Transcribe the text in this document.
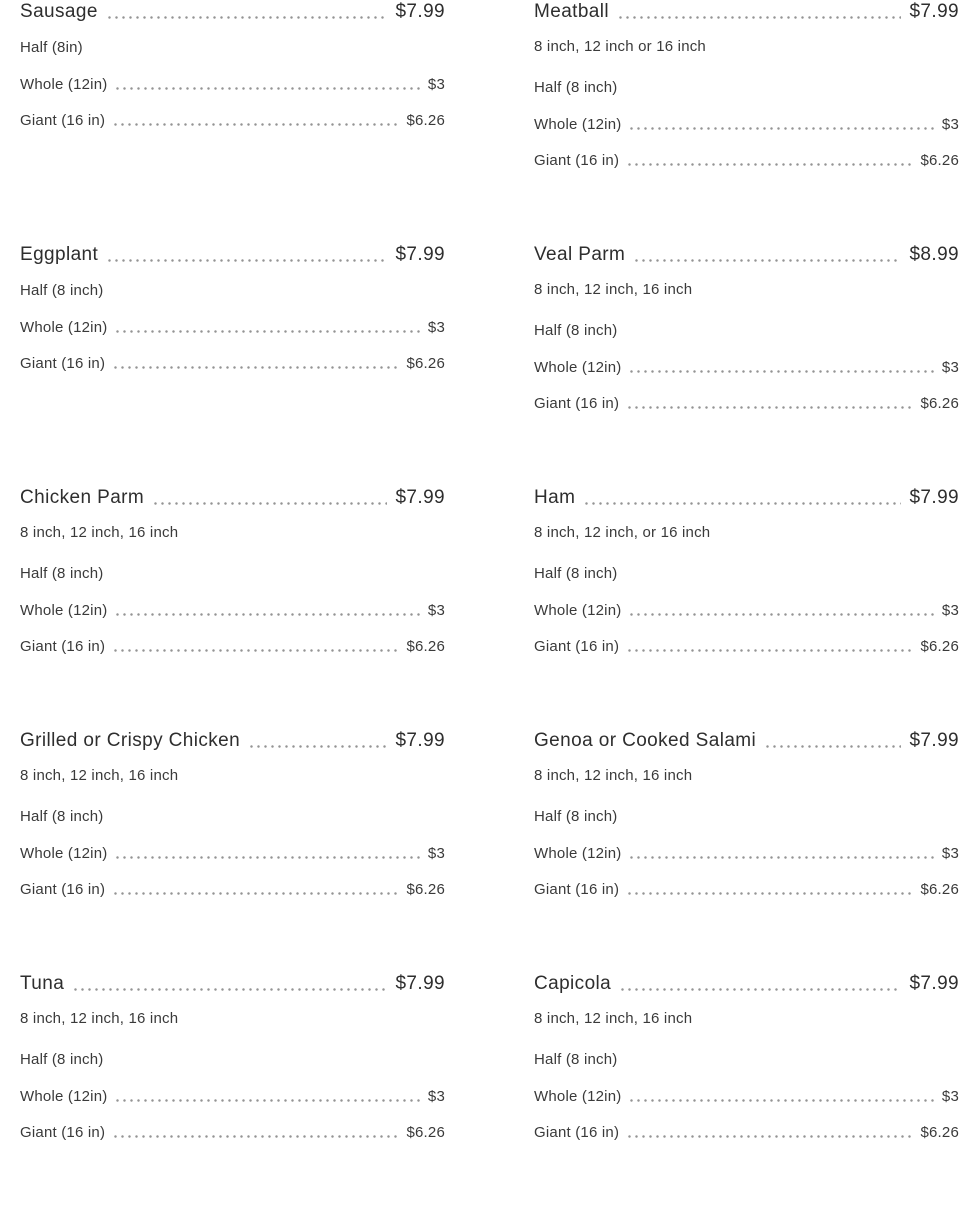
Sausage	$7.99
Half (8in)
Whole (12in)	$3
Giant (16 in)	$6.26
Meatball	$7.99
8 inch, 12 inch or 16 inch
Half (8 inch)
Whole (12in)	$3
Giant (16 in)	$6.26
Eggplant	$7.99
Half (8 inch)
Whole (12in)	$3
Giant (16 in)	$6.26
Veal Parm	$8.99
8 inch, 12 inch, 16 inch
Half (8 inch)
Whole (12in)	$3
Giant (16 in)	$6.26
Chicken Parm	$7.99
8 inch, 12 inch, 16 inch
Half (8 inch)
Whole (12in)	$3
Giant (16 in)	$6.26
Ham	$7.99
8 inch, 12 inch, or 16 inch
Half (8 inch)
Whole (12in)	$3
Giant (16 in)	$6.26
Grilled or Crispy Chicken	$7.99
8 inch, 12 inch, 16 inch
Half (8 inch)
Whole (12in)	$3
Giant (16 in)	$6.26
Genoa or Cooked Salami	$7.99
8 inch, 12 inch, 16 inch
Half (8 inch)
Whole (12in)	$3
Giant (16 in)	$6.26
Tuna	$7.99
8 inch, 12 inch, 16 inch
Half (8 inch)
Whole (12in)	$3
Giant (16 in)	$6.26
Capicola	$7.99
8 inch, 12 inch, 16 inch
Half (8 inch)
Whole (12in)	$3
Giant (16 in)	$6.26
